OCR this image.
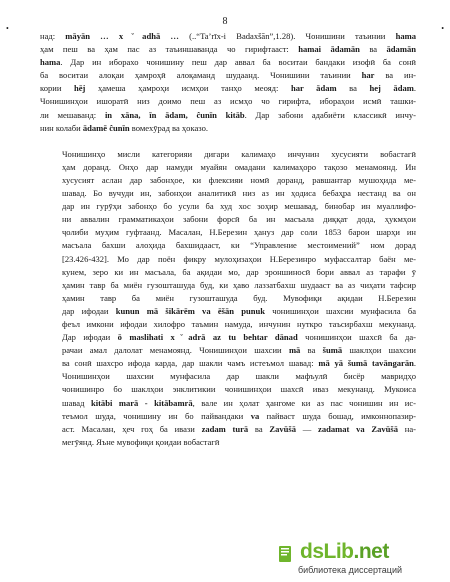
8
•	•
над: māyān … xˇadhā … (..“Ta’rīx-i Badaxšān”,1.28). Чонишини таъинии hama
ҳам пеш ва ҳам пас аз таъиншаванда чо гирифтааст: hamai ādamān ва ādamān
hama. Дар ин иборахо чонишину пеш дар аввал ба воситаи бандаки изофӣ ба сонӣ
ба воситаи алоқаи ҳамроҳӣ алоқаманд шудаанд. Чонишини таъинии har ва ин-
кории hēj ҳамеша ҳамроҳи исмҳои танҳо меояд: har ādam ва hej ādam.
Чонишинҳои ишоратӣ низ доимо пеш аз исмҳо чо гирифта, ибораҳои исмӣ ташки-
ли мешаванд: in xāna, īn ādam, ĉunīn kitāb. Дар забони адабиёти классикӣ инчу-
нин колаби ādamē ĉunīn вомехӯрад ва ҳоказо.
Чонишинҳо мисли категорияи дигари калимаҳо инчунин хусусияти вобастагӣ
ҳам доранд. Онҳо дар намуди муайян омадани калимаҳоро тақозо менамоянд. Ин
хусусият аслан дар забонҳое, ки флексияи номӣ доранд, равшантар мушоҳида ме-
шавад. Бо вучуди ин, забонҳои аналитикӣ низ аз ин ҳодиса бебаҳра нестанд ва он
дар ин гурӯҳи забонҳо бо усули ба худ хос зоҳир мешавад, бинобар ин муаллифо-
ни аввалин грамматикаҳои забони форсӣ ба ин масъала диққат дода, ҳукмҳои
ҷолиби муҳим гуфтаанд. Масалан, Н.Березин ҳануз дар соли 1853 барои шарҳи ин
масъала бахши алоҳида бахшидааст, ки “Управление местоимений” ном дорад
[23.426-432]. Мо дар поён фикру мулоҳизаҳои Н.Березинро муфассалтар баён ме-
кунем, зеро ки ин масъала, ба ақидаи мо, дар эроншиносӣ бори аввал аз тарафи ӯ
ҳамин тавр ба миён гузошташуда буд, ки ҳаво лаззатбахш шудааст ва аз чиҳати тафсир
ҳамин тавр ба миён гузошташуда буд. Мувофиқи ақидаи Н.Березин
дар ифодаи kunun mā šikārēm va ēšān punuk чонишинҳои шахсии мунфасила ба
феъл имкони ифодаи хилофро таъмин намуда, инчунин нуткро таъсирбахш мекунанд.
Дар ифодаи ō maslihati xˇadrā az tu behtar dānad чонишинҳои шахсӣ ба да-
рачаи амал далолат менамоянд. Чонишинҳои шахсии mā ва šumā шаклҳои шахсии
ва сонӣ шахсро ифода карда, дар шакли чамъ истеъмол шавад: mā yā šumā tavāngarān.
Чонишинҳои шахсии мунфасила дар шакли мафъулӣ бисёр мавридҳо
чонишинро бо шаклҳои энклитикии чонишинҳои шахсӣ иваз мекунанд. Мукоиса
шавад kitābi marā - kitābamrā, вале ин ҳолат ҳангоме ки аз пас чонишин ин ис-
теъмол шуда, чонишину ин бо пайвандаки va пайваст шуда бошад, имконнопазир-
аст. Масалан, ҳеч гоҳ ба ивази zadam turā ва Zavūšā — zadamat va Zavūšā на-
мегӯянд. Яъне мувофиқи қоидаи вобастагӣ
dsLib.net
библиотека диссертаций
